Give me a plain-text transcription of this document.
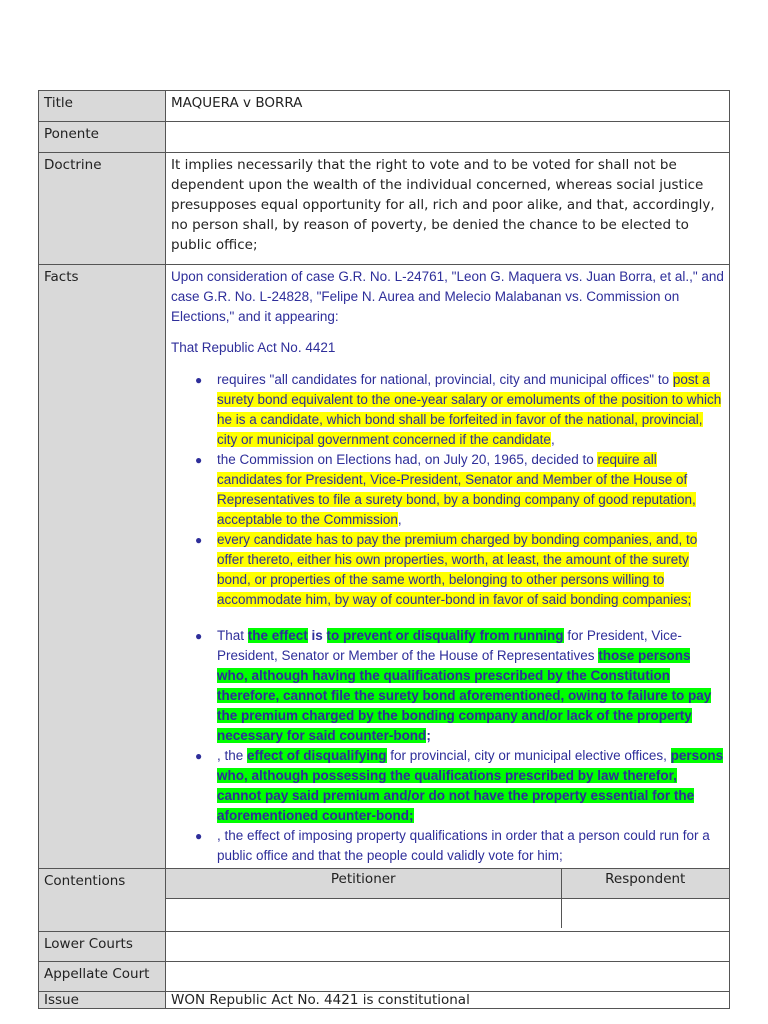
Title	MAQUERA v BORRA
Ponente	
Doctrine	It implies necessarily that the right to vote and to be voted for shall not be dependent upon the wealth of the individual concerned, whereas social justice presupposes equal opportunity for all, rich and poor alike, and that, accordingly, no person shall, by reason of poverty, be denied the chance to be elected to public office;
Facts	Upon consideration of case G.R. No. L-24761, "Leon G. Maquera vs. Juan Borra, et al.," and case G.R. No. L-24828, "Felipe N. Aurea and Melecio Malabanan vs. Commission on Elections," and it appearing:

That Republic Act No. 4421

● requires "all candidates for national, provincial, city and municipal offices" to post a surety bond equivalent to the one-year salary or emoluments of the position to which he is a candidate, which bond shall be forfeited in favor of the national, provincial, city or municipal government concerned if the candidate,
● the Commission on Elections had, on July 20, 1965, decided to require all candidates for President, Vice-President, Senator and Member of the House of Representatives to file a surety bond, by a bonding company of good reputation, acceptable to the Commission,
● every candidate has to pay the premium charged by bonding companies, and, to offer thereto, either his own properties, worth, at least, the amount of the surety bond, or properties of the same worth, belonging to other persons willing to accommodate him, by way of counter-bond in favor of said bonding companies;
● That the effect is to prevent or disqualify from running for President, Vice-President, Senator or Member of the House of Representatives those persons who, although having the qualifications prescribed by the Constitution therefore, cannot file the surety bond aforementioned, owing to failure to pay the premium charged by the bonding company and/or lack of the property necessary for said counter-bond;
● , the effect of disqualifying for provincial, city or municipal elective offices, persons who, although possessing the qualifications prescribed by law therefor, cannot pay said premium and/or do not have the property essential for the aforementioned counter-bond;
● , the effect of imposing property qualifications in order that a person could run for a public office and that the people could validly vote for him;

Contentions		Petitioner	Respondent

Lower Courts	
Appellate Court	
Issue	WON Republic Act No. 4421 is constitutional
